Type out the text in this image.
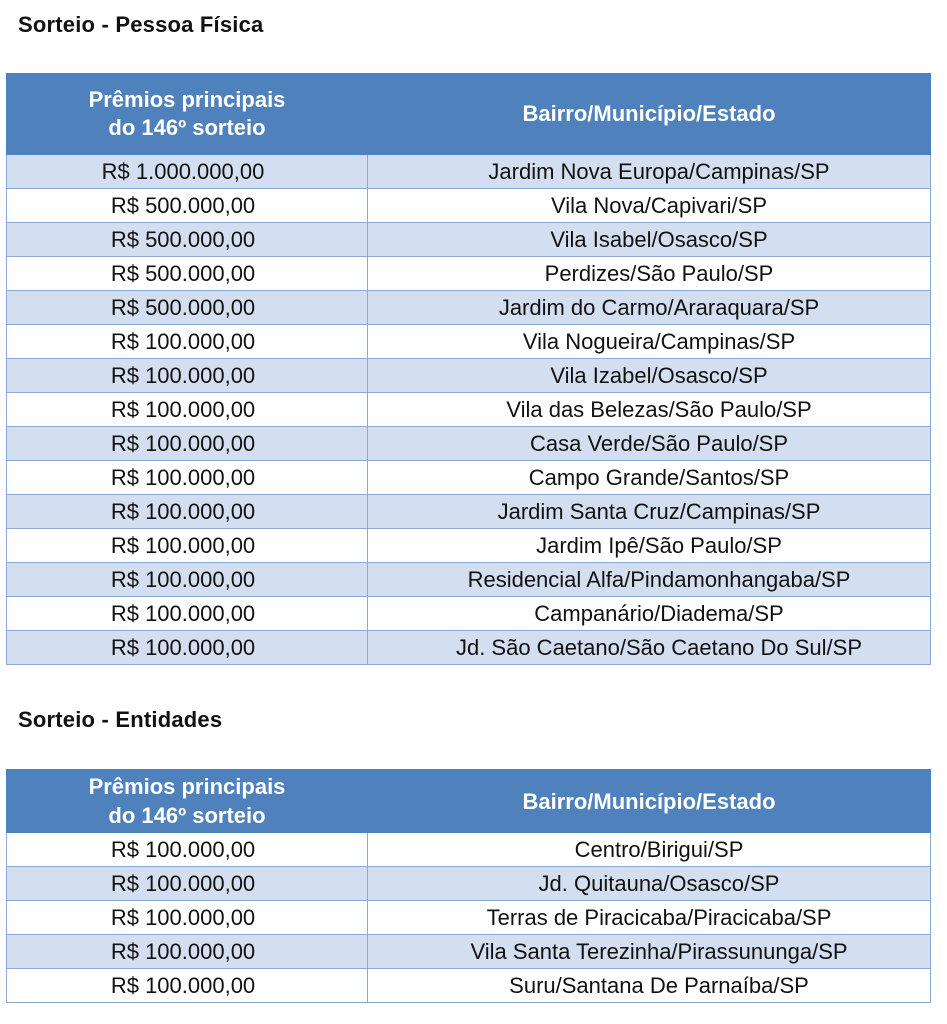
Sorteio - Pessoa Física
Prêmios principais
do 146º sorteio	Bairro/Município/Estado
R$ 1.000.000,00	Jardim Nova Europa/Campinas/SP
R$ 500.000,00	Vila Nova/Capivari/SP
R$ 500.000,00	Vila Isabel/Osasco/SP
R$ 500.000,00	Perdizes/São Paulo/SP
R$ 500.000,00	Jardim do Carmo/Araraquara/SP
R$ 100.000,00	Vila Nogueira/Campinas/SP
R$ 100.000,00	Vila Izabel/Osasco/SP
R$ 100.000,00	Vila das Belezas/São Paulo/SP
R$ 100.000,00	Casa Verde/São Paulo/SP
R$ 100.000,00	Campo Grande/Santos/SP
R$ 100.000,00	Jardim Santa Cruz/Campinas/SP
R$ 100.000,00	Jardim Ipê/São Paulo/SP
R$ 100.000,00	Residencial Alfa/Pindamonhangaba/SP
R$ 100.000,00	Campanário/Diadema/SP
R$ 100.000,00	Jd. São Caetano/São Caetano Do Sul/SP
Sorteio - Entidades
Prêmios principais
do 146º sorteio	Bairro/Município/Estado
R$ 100.000,00	Centro/Birigui/SP
R$ 100.000,00	Jd. Quitauna/Osasco/SP
R$ 100.000,00	Terras de Piracicaba/Piracicaba/SP
R$ 100.000,00	Vila Santa Terezinha/Pirassununga/SP
R$ 100.000,00	Suru/Santana De Parnaíba/SP
